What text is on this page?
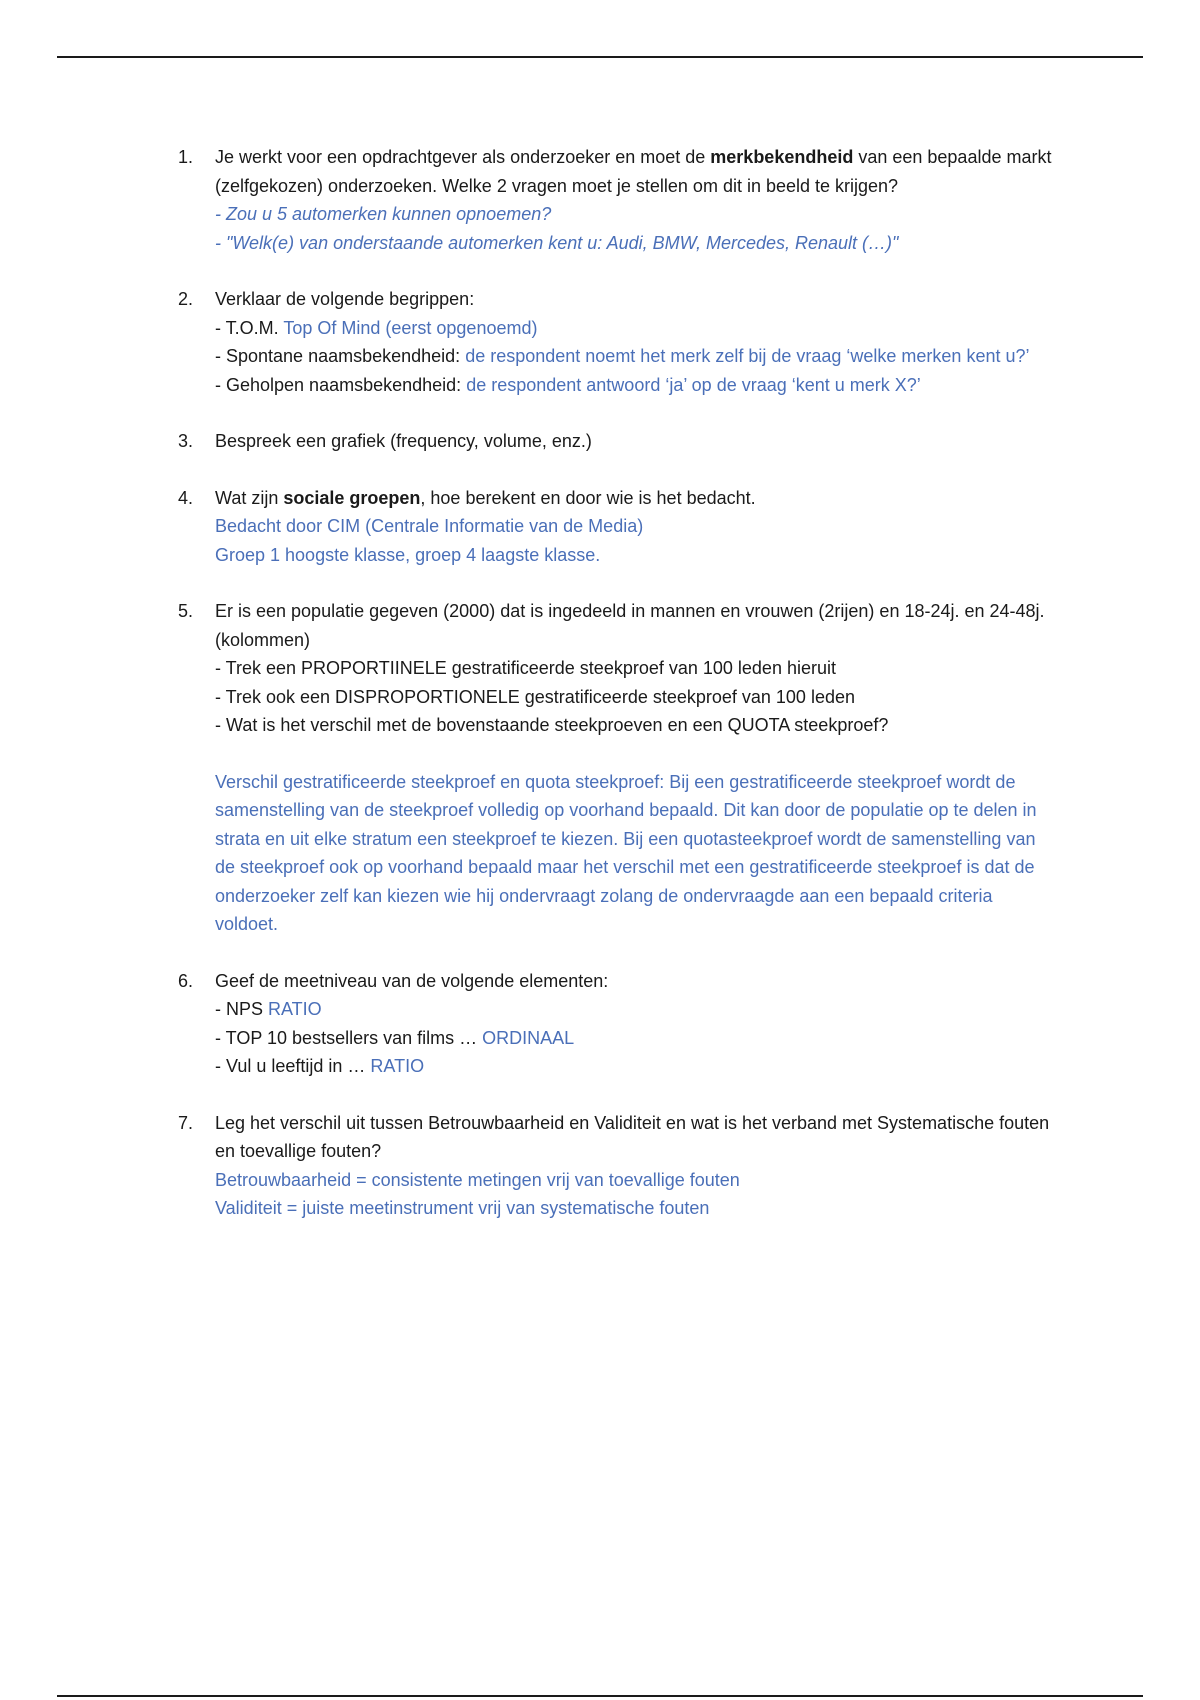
1.	Je werkt voor een opdrachtgever als onderzoeker en moet de merkbekendheid van een bepaalde markt (zelfgekozen) onderzoeken. Welke 2 vragen moet je stellen om dit in beeld te krijgen?
- Zou u 5 automerken kunnen opnoemen?
- "Welk(e) van onderstaande automerken kent u: Audi, BMW, Mercedes, Renault (…)"
2.	Verklaar de volgende begrippen:
- T.O.M. Top Of Mind (eerst opgenoemd)
- Spontane naamsbekendheid: de respondent noemt het merk zelf bij de vraag ‘welke merken kent u?’
- Geholpen naamsbekendheid: de respondent antwoord ‘ja’ op de vraag ‘kent u merk X?’
3.	Bespreek een grafiek (frequency, volume, enz.)
4.	Wat zijn sociale groepen, hoe berekent en door wie is het bedacht.
Bedacht door CIM (Centrale Informatie van de Media)
Groep 1 hoogste klasse, groep 4 laagste klasse.
5.	Er is een populatie gegeven (2000) dat is ingedeeld in mannen en vrouwen (2rijen) en 18-24j. en 24-48j. (kolommen)
- Trek een PROPORTIINELE gestratificeerde steekproef van 100 leden hieruit
- Trek ook een DISPROPORTIONELE gestratificeerde steekproef van 100 leden
- Wat is het verschil met de bovenstaande steekproeven en een QUOTA steekproef?
Verschil gestratificeerde steekproef en quota steekproef: Bij een gestratificeerde steekproef wordt de samenstelling van de steekproef volledig op voorhand bepaald. Dit kan door de populatie op te delen in strata en uit elke stratum een steekproef te kiezen. Bij een quotasteekproef wordt de samenstelling van de steekproef ook op voorhand bepaald maar het verschil met een gestratificeerde steekproef is dat de onderzoeker zelf kan kiezen wie hij ondervraagt zolang de ondervraagde aan een bepaald criteria voldoet.
6.	Geef de meetniveau van de volgende elementen:
- NPS RATIO
- TOP 10 bestsellers van films … ORDINAAL
- Vul u leeftijd in … RATIO
7.	Leg het verschil uit tussen Betrouwbaarheid en Validiteit en wat is het verband met Systematische fouten en toevallige fouten?
Betrouwbaarheid = consistente metingen vrij van toevallige fouten
Validiteit = juiste meetinstrument vrij van systematische fouten
